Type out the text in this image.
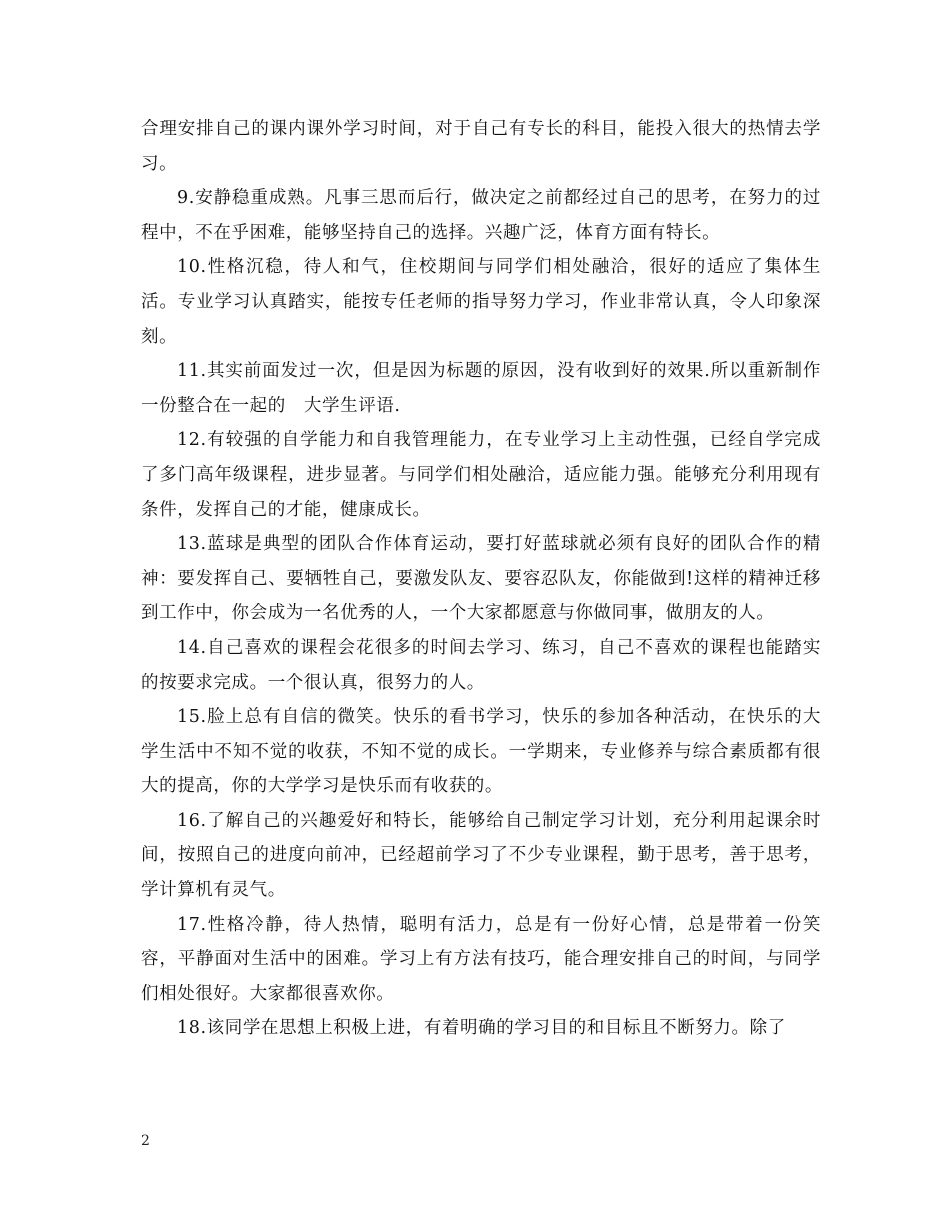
合理安排自己的课内课外学习时间，对于自己有专长的科目，能投入很大的热情去学习。

9.安静稳重成熟。凡事三思而后行，做决定之前都经过自己的思考，在努力的过程中，不在乎困难，能够坚持自己的选择。兴趣广泛，体育方面有特长。

10.性格沉稳，待人和气，住校期间与同学们相处融洽，很好的适应了集体生活。专业学习认真踏实，能按专任老师的指导努力学习，作业非常认真，令人印象深刻。

11.其实前面发过一次，但是因为标题的原因，没有收到好的效果.所以重新制作一份整合在一起的　大学生评语.

12.有较强的自学能力和自我管理能力，在专业学习上主动性强，已经自学完成了多门高年级课程，进步显著。与同学们相处融洽，适应能力强。能够充分利用现有条件，发挥自己的才能，健康成长。

13.蓝球是典型的团队合作体育运动，要打好蓝球就必须有良好的团队合作的精神：要发挥自己、要牺牲自己，要激发队友、要容忍队友，你能做到!这样的精神迁移到工作中，你会成为一名优秀的人，一个大家都愿意与你做同事，做朋友的人。

14.自己喜欢的课程会花很多的时间去学习、练习，自己不喜欢的课程也能踏实的按要求完成。一个很认真，很努力的人。

15.脸上总有自信的微笑。快乐的看书学习，快乐的参加各种活动，在快乐的大学生活中不知不觉的收获，不知不觉的成长。一学期来，专业修养与综合素质都有很大的提高，你的大学学习是快乐而有收获的。

16.了解自己的兴趣爱好和特长，能够给自己制定学习计划，充分利用起课余时间，按照自己的进度向前冲，已经超前学习了不少专业课程，勤于思考，善于思考，学计算机有灵气。

17.性格冷静，待人热情，聪明有活力，总是有一份好心情，总是带着一份笑容，平静面对生活中的困难。学习上有方法有技巧，能合理安排自己的时间，与同学们相处很好。大家都很喜欢你。

18.该同学在思想上积极上进，有着明确的学习目的和目标且不断努力。除了

2
